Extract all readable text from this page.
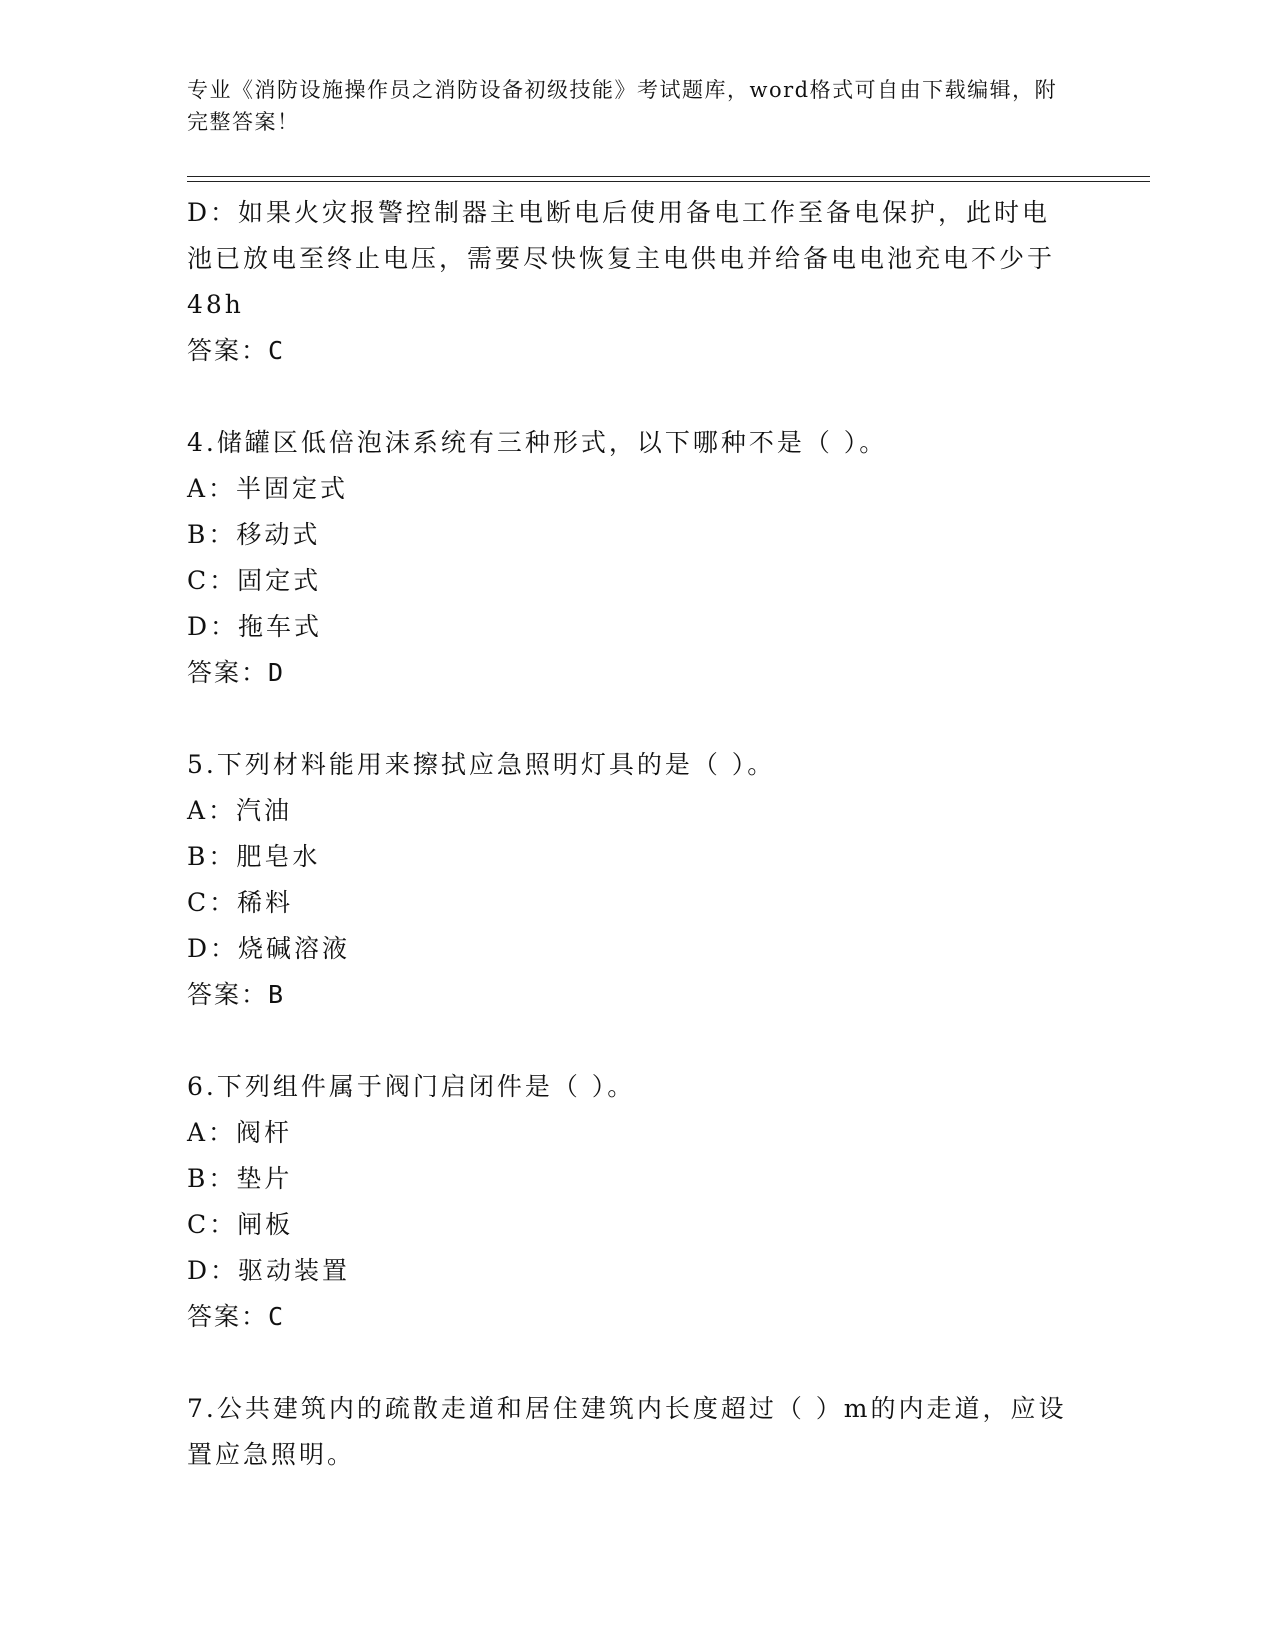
专业《消防设施操作员之消防设备初级技能》考试题库，word格式可自由下载编辑，附完整答案！

D：如果火灾报警控制器主电断电后使用备电工作至备电保护，此时电池已放电至终止电压，需要尽快恢复主电供电并给备电电池充电不少于48h

答案：C

4.储罐区低倍泡沫系统有三种形式，以下哪种不是（ ）。

A：半固定式

B：移动式

C：固定式

D：拖车式

答案：D

5.下列材料能用来擦拭应急照明灯具的是（ ）。

A：汽油

B：肥皂水

C：稀料

D：烧碱溶液

答案：B

6.下列组件属于阀门启闭件是（ ）。

A：阀杆

B：垫片

C：闸板

D：驱动装置

答案：C

7.公共建筑内的疏散走道和居住建筑内长度超过（ ）m的内走道，应设置应急照明。
